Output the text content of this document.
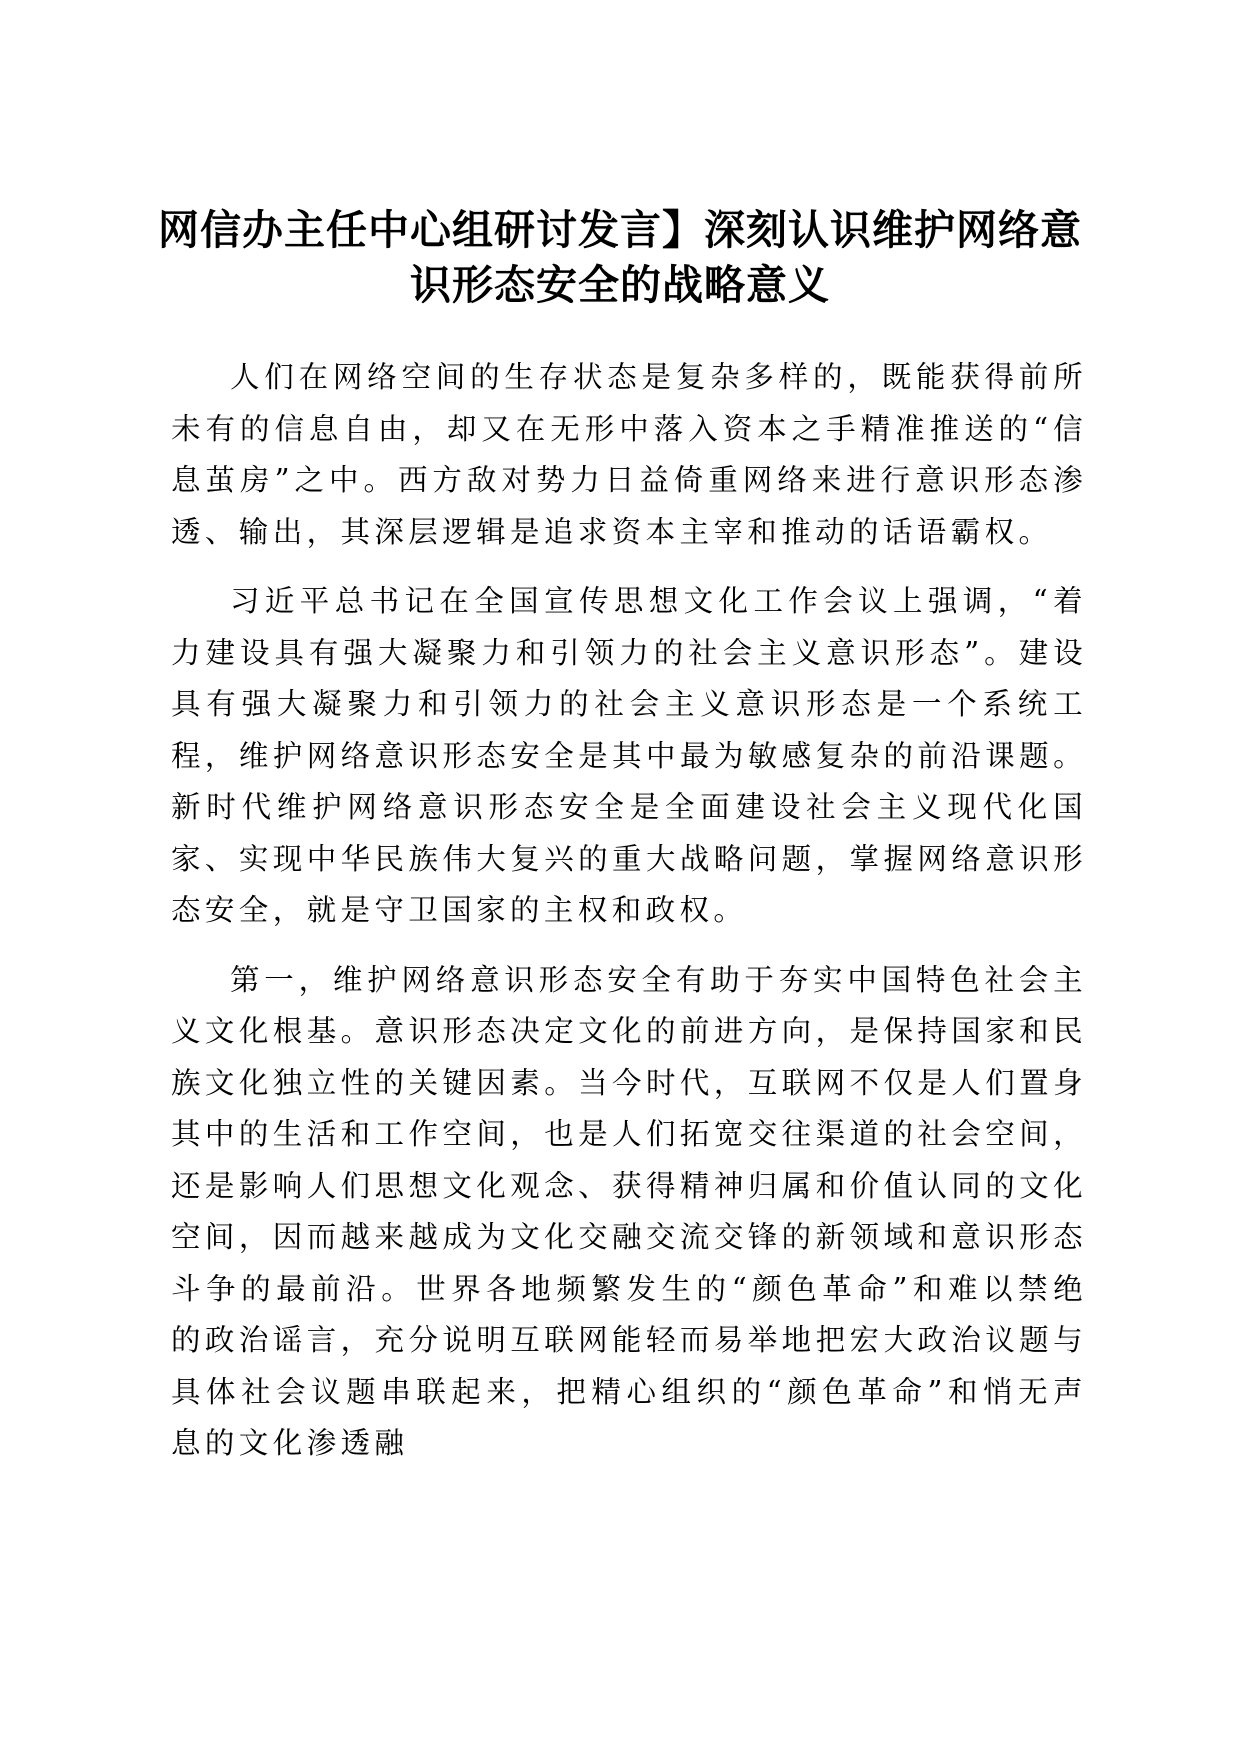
网信办主任中心组研讨发言】深刻认识维护网络意识形态安全的战略意义

人们在网络空间的生存状态是复杂多样的，既能获得前所未有的信息自由，却又在无形中落入资本之手精准推送的“信息茧房”之中。西方敌对势力日益倚重网络来进行意识形态渗透、输出，其深层逻辑是追求资本主宰和推动的话语霸权。

习近平总书记在全国宣传思想文化工作会议上强调，“着力建设具有强大凝聚力和引领力的社会主义意识形态”。建设具有强大凝聚力和引领力的社会主义意识形态是一个系统工程，维护网络意识形态安全是其中最为敏感复杂的前沿课题。新时代维护网络意识形态安全是全面建设社会主义现代化国家、实现中华民族伟大复兴的重大战略问题，掌握网络意识形态安全，就是守卫国家的主权和政权。

第一，维护网络意识形态安全有助于夯实中国特色社会主义文化根基。意识形态决定文化的前进方向，是保持国家和民族文化独立性的关键因素。当今时代，互联网不仅是人们置身其中的生活和工作空间，也是人们拓宽交往渠道的社会空间，还是影响人们思想文化观念、获得精神归属和价值认同的文化空间，因而越来越成为文化交融交流交锋的新领域和意识形态斗争的最前沿。世界各地频繁发生的“颜色革命”和难以禁绝的政治谣言，充分说明互联网能轻而易举地把宏大政治议题与具体社会议题串联起来，把精心组织的“颜色革命”和悄无声息的文化渗透融
